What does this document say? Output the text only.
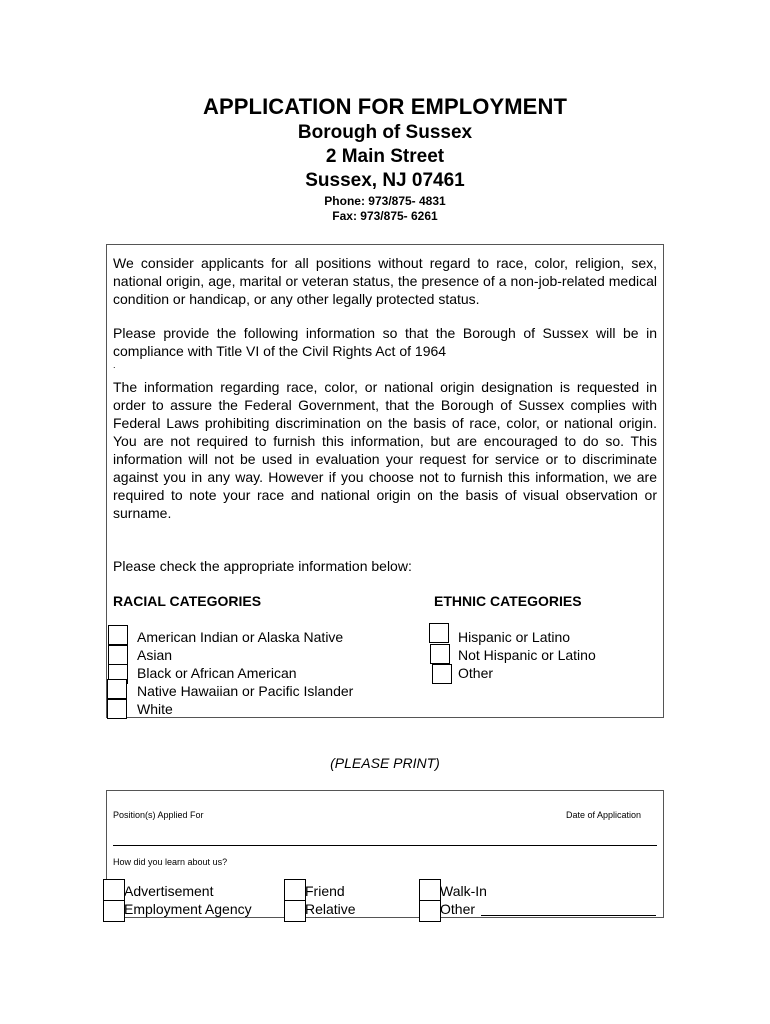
APPLICATION FOR EMPLOYMENT
Borough of Sussex
2 Main Street
Sussex, NJ 07461
Phone: 973/875- 4831
Fax: 973/875- 6261
We consider applicants for all positions without regard to race, color, religion, sex, national origin, age, marital or veteran status, the presence of a non-job-related medical condition or handicap, or any other legally protected status.
Please provide the following information so that the Borough of Sussex will be in compliance with Title VI of the Civil Rights Act of 1964
.
The information regarding race, color, or national origin designation is requested in order to assure the Federal Government, that the Borough of Sussex complies with Federal Laws prohibiting discrimination on the basis of race, color, or national origin. You are not required to furnish this information, but are encouraged to do so. This information will not be used in evaluation your request for service or to discriminate against you in any way. However if you choose not to furnish this information, we are required to note your race and national origin on the basis of visual observation or surname.
Please check the appropriate information below:
RACIAL CATEGORIES	ETHNIC CATEGORIES
American Indian or Alaska Native
Asian
Black or African American
Native Hawaiian or Pacific Islander
White
Hispanic or Latino
Not Hispanic or Latino
Other
(PLEASE PRINT)
Position(s) Applied For	Date of Application
How did you learn about us?
Advertisement
Employment Agency
Friend
Relative
Walk-In
Other
